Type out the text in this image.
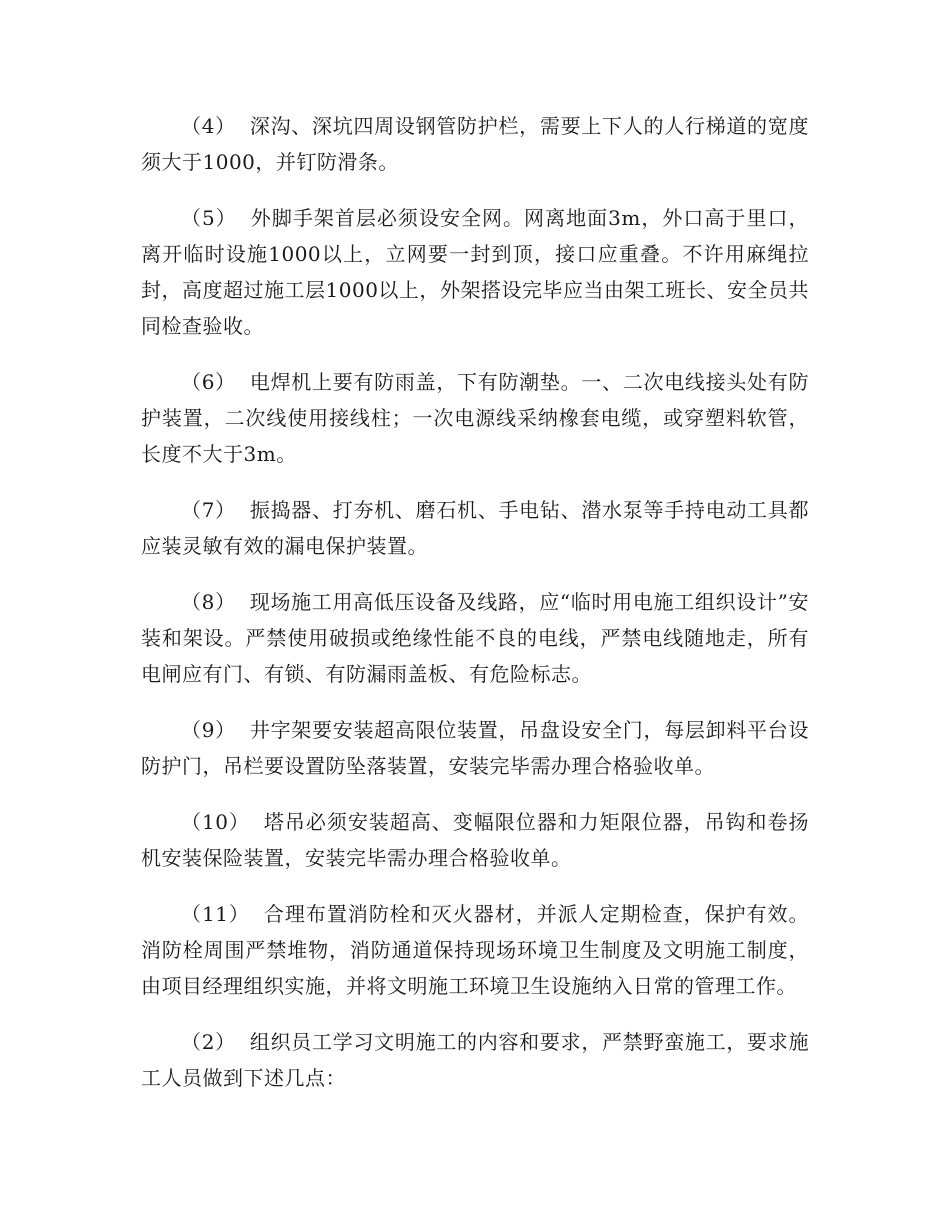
（4） 深沟、深坑四周设钢管防护栏，需要上下人的人行梯道的宽度须大于1000，并钉防滑条。

（5） 外脚手架首层必须设安全网。网离地面3m，外口高于里口，离开临时设施1000以上，立网要一封到顶，接口应重叠。不许用麻绳拉封，高度超过施工层1000以上，外架搭设完毕应当由架工班长、安全员共同检查验收。

（6） 电焊机上要有防雨盖，下有防潮垫。一、二次电线接头处有防护装置，二次线使用接线柱；一次电源线采纳橡套电缆，或穿塑料软管，长度不大于3m。

（7） 振捣器、打夯机、磨石机、手电钻、潜水泵等手持电动工具都应装灵敏有效的漏电保护装置。

（8） 现场施工用高低压设备及线路，应“临时用电施工组织设计”安装和架设。严禁使用破损或绝缘性能不良的电线，严禁电线随地走，所有电闸应有门、有锁、有防漏雨盖板、有危险标志。

（9） 井字架要安装超高限位装置，吊盘设安全门，每层卸料平台设防护门，吊栏要设置防坠落装置，安装完毕需办理合格验收单。

（10） 塔吊必须安装超高、变幅限位器和力矩限位器，吊钩和卷扬机安装保险装置，安装完毕需办理合格验收单。

（11） 合理布置消防栓和灭火器材，并派人定期检查，保护有效。消防栓周围严禁堆物，消防通道保持现场环境卫生制度及文明施工制度，由项目经理组织实施，并将文明施工环境卫生设施纳入日常的管理工作。

（2） 组织员工学习文明施工的内容和要求，严禁野蛮施工，要求施工人员做到下述几点：
